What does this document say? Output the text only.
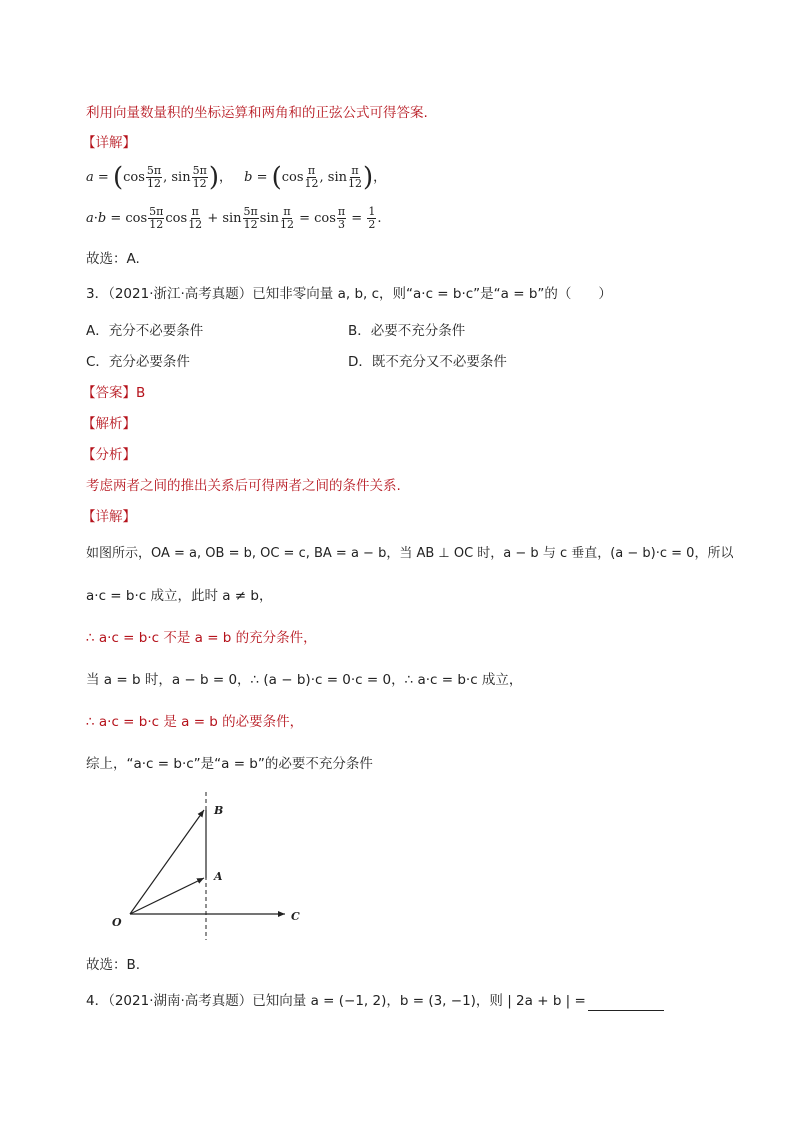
利用向量数量积的坐标运算和两角和的正弦公式可得答案.
【详解】
$a = (\cos \frac{5\pi}{12}$ , $\sin \frac{5\pi}{12}$ )， $b = (\cos \frac{\pi}{12}$ , $\sin \frac{\pi}{12}$ )，
$a\cdot b = \cos \frac{5\pi}{12}$ $\cos \frac{\pi}{12} + \sin \frac{5\pi}{12}$ $\sin \frac{\pi}{12} = \cos \frac{\pi}{3} = \frac{1}{2}$ .
故选：A.
3．（2021·浙江·高考真题）已知非零向量 a, b, c，则“a·c = b·c”是“a = b”的（　　）
A．充分不必要条件	B．必要不充分条件
C．充分必要条件	D．既不充分又不必要条件
【答案】B
【解析】
【分析】
考虑两者之间的推出关系后可得两者之间的条件关系.
【详解】
如图所示，OA = a, OB = b, OC = c, BA = a − b，当 AB ⊥ OC 时，a − b 与 c 垂直，(a − b)·c = 0，所以
a·c = b·c 成立，此时 a ≠ b，
∴ a·c = b·c 不是 a = b 的充分条件，
当 a = b 时，a − b = 0，∴ (a − b)·c = 0·c = 0，∴ a·c = b·c 成立，
∴ a·c = b·c 是 a = b 的必要条件，
综上，“a·c = b·c”是“a = b”的必要不充分条件
B
A
O	C
故选：B.
4．（2021·湖南·高考真题）已知向量 a = (−1, 2)，b = (3, −1)，则 | 2a + b | =
